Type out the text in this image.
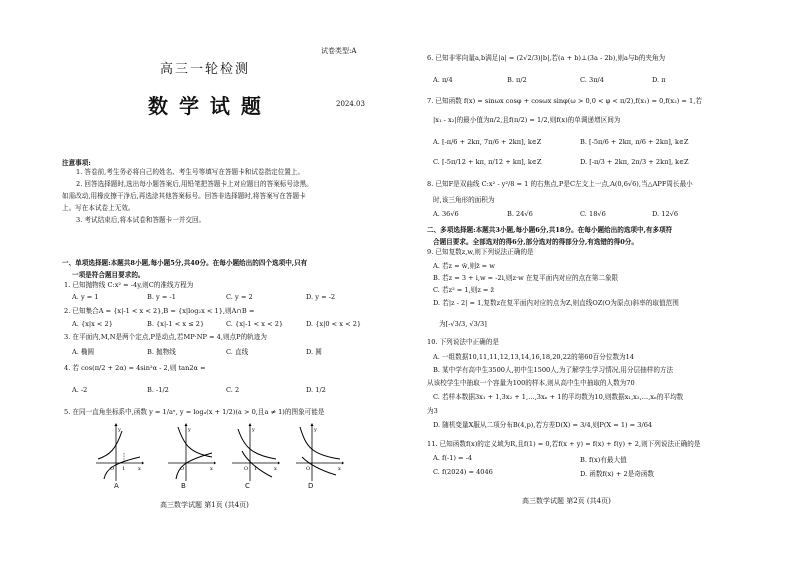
试卷类型:A
高三一轮检测
数 学 试 题	2024.03
注意事项:
1. 答卷前,考生务必将自己的姓名、考生号等填写在答题卡和试卷指定位置上。
2. 回答选择题时,选出每小题答案后,用铅笔把答题卡上对应题目的答案标号涂黑。
如需改动,用橡皮擦干净后,再选涂其他答案标号。回答非选择题时,将答案写在答题卡
上。写在本试卷上无效。
3. 考试结束后,将本试卷和答题卡一并交回。
一、单项选择题:本题共8小题,每小题5分,共40分。在每小题给出的四个选项中,只有
一项是符合题目要求的。
1. 已知抛物线 C:x² = -4y,则C的准线方程为
A. y = 1	B. y = -1	C. y = 2	D. y = -2
2. 已知集合A = {x|-1 < x < 2},B = {x|log₂x < 1},则A∩B =
A. {x|x < 2}	B. {x|-1 < x ≤ 2}	C. {x|-1 < x < 2}	D. {x|0 < x < 2}
3. 在平面内,M,N是两个定点,P是动点,若MP·NP = 4,则点P的轨迹为
A. 椭圆	B. 抛物线	C. 直线	D. 圆
4. 若 cos(π/2 + 2α) = 4sin²α - 2,则 tan2α =
A. -2	B. -1/2	C. 2	D. 1/2
5. 在同一直角坐标系中,函数 y = 1/aˣ, y = logₐ(x + 1/2)(a > 0,且a ≠ 1)的图象可能是
O 1	x
y
O	x
y
O 1	x
y
O	x
y
A	B	C	D
高三数学试题 第1页 (共4页)
6. 已知非零向量a,b满足|a| = (2√2/3)|b|,若(a + b)⊥(3a - 2b),则a与b的夹角为
A. π/4	B. π/2	C. 3π/4	D. π
7. 已知函数 f(x) = sinωx cosφ + cosωx sinφ(ω > 0,0 < φ < π/2),f(x₁) = 0,f(x₂) = 1,若
|x₁ - x₂|的最小值为π/2,且f(π/2) = 1/2,则f(x)的单调递增区间为
A. [-π/6 + 2kπ, 7π/6 + 2kπ], k∈Z	B. [-5π/6 + 2kπ, π/6 + 2kπ], k∈Z
C. [-5π/12 + kπ, π/12 + kπ], k∈Z	D. [-π/3 + 2kπ, 2π/3 + 2kπ], k∈Z
8. 已知F是双曲线 C:x² - y²/8 = 1 的右焦点,P是C左支上一点,A(0,6√6),当△APF周长最小
时,该三角形的面积为
A. 36√6	B. 24√6	C. 18√6	D. 12√6
二、多项选择题:本题共3小题,每小题6分,共18分。在每小题给出的选项中,有多项符
合题目要求。全部选对的得6分,部分选对的得部分分,有选错的得0分。
9. 已知复数z,w,则下列说法正确的是
A. 若z = w̄,则z̄ = w
B. 若z = 3 + i,w = -2i,则z·w 在复平面内对应的点在第二象限
C. 若z² = 1,则z = z̄
D. 若|z - 2| = 1,复数z在复平面内对应的点为Z,则直线OZ(O为原点)斜率的取值范围
为[-√3/3, √3/3]
10. 下列说法中正确的是
A. 一组数据10,11,11,12,13,14,16,18,20,22的第60百分位数为14
B. 某中学有高中生3500人,初中生1500人,为了解学生学习情况,用分层抽样的方法
从该校学生中抽取一个容量为100的样本,则从高中生中抽取的人数为70
C. 若样本数据3x₁ + 1,3x₂ + 1,…,3xₙ + 1的平均数为10,则数据x₁,x₂,…,xₙ的平均数
为3
D. 随机变量X服从二项分布B(4,p),若方差D(X) = 3/4,则P(X = 1) = 3/64
11. 已知函数f(x)的定义域为R,且f(1) = 0,若f(x + y) = f(x) + f(y) + 2,则下列说法正确的是
A. f(-1) = -4	B. f(x)有最大值
C. f(2024) = 4046	D. 函数f(x) + 2是奇函数
高三数学试题 第2页 (共4页)
